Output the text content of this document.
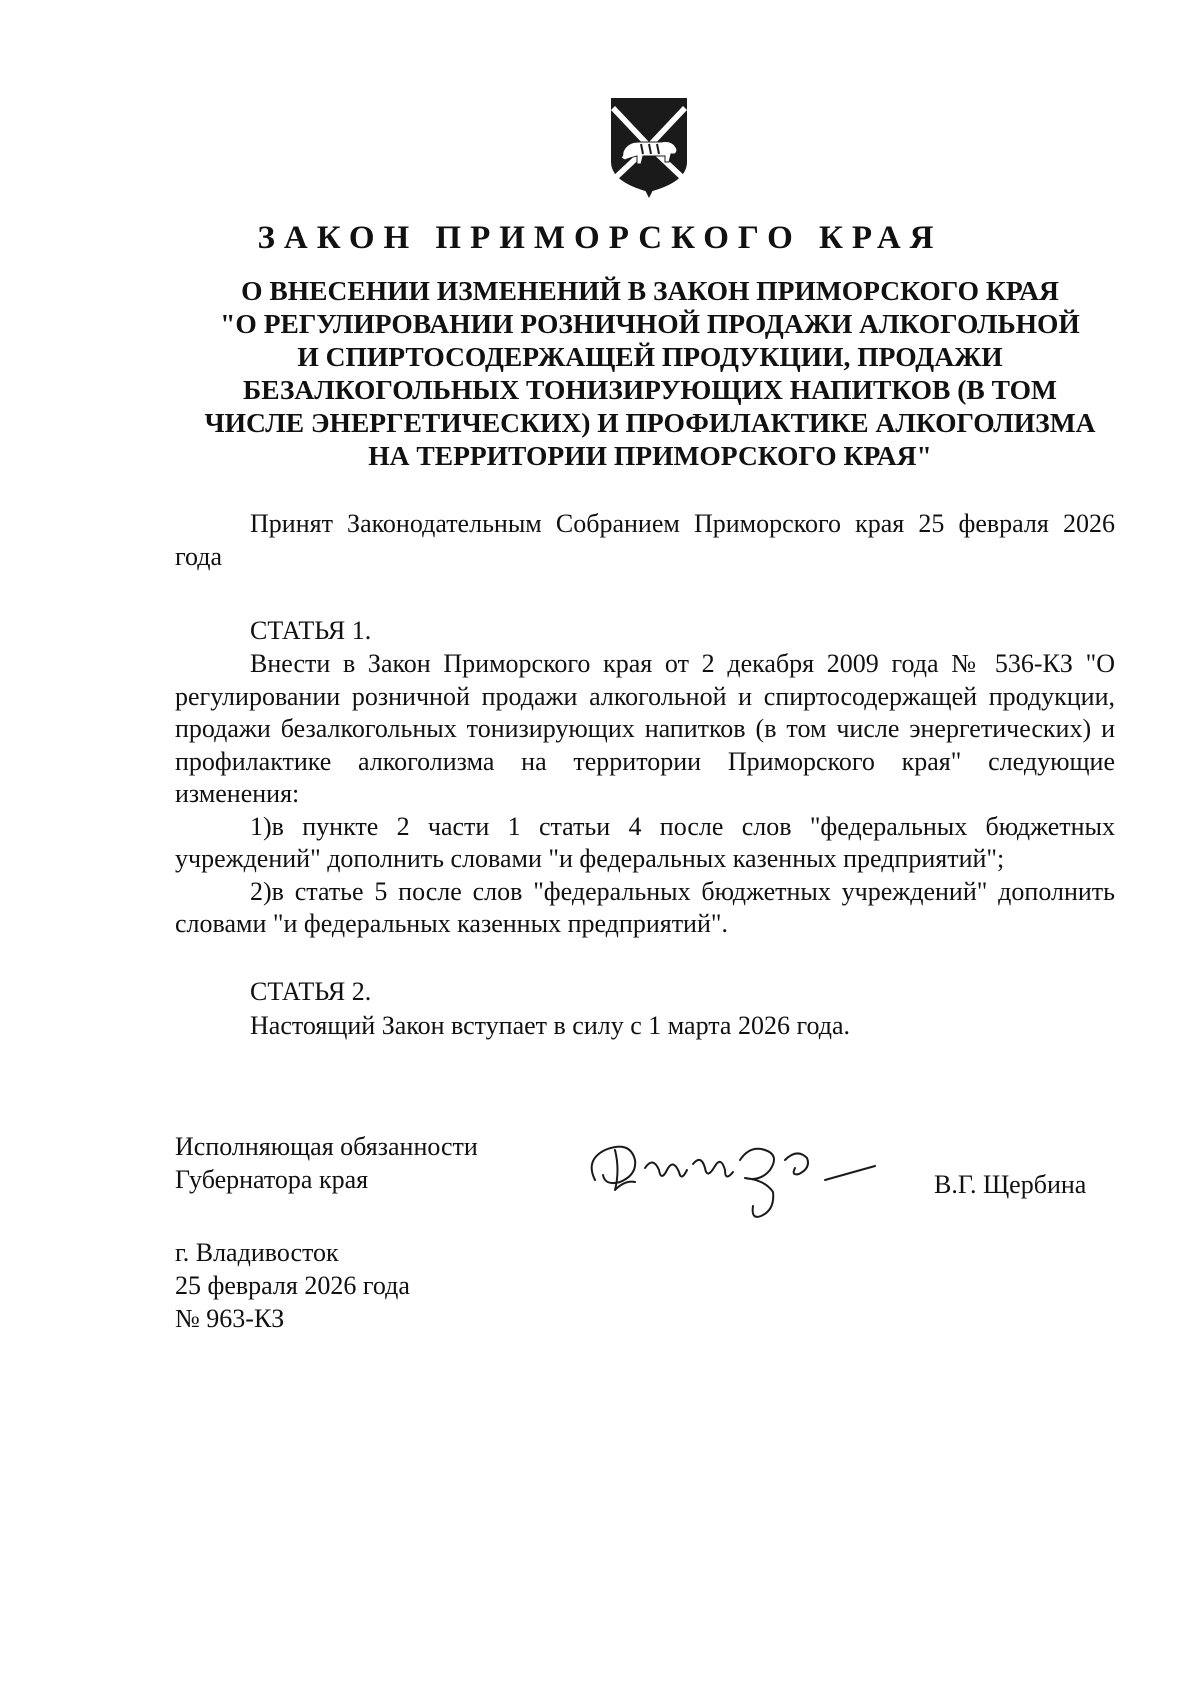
ЗАКОН ПРИМОРСКОГО КРАЯ
О ВНЕСЕНИИ ИЗМЕНЕНИЙ В ЗАКОН ПРИМОРСКОГО КРАЯ
"О РЕГУЛИРОВАНИИ РОЗНИЧНОЙ ПРОДАЖИ АЛКОГОЛЬНОЙ
И СПИРТОСОДЕРЖАЩЕЙ ПРОДУКЦИИ, ПРОДАЖИ
БЕЗАЛКОГОЛЬНЫХ ТОНИЗИРУЮЩИХ НАПИТКОВ (В ТОМ
ЧИСЛЕ ЭНЕРГЕТИЧЕСКИХ) И ПРОФИЛАКТИКЕ АЛКОГОЛИЗМА
НА ТЕРРИТОРИИ ПРИМОРСКОГО КРАЯ"

Принят Законодательным Собранием Приморского края 25 февраля 2026 года

СТАТЬЯ 1.

Внести в Закон Приморского края от 2 декабря 2009 года № 536-КЗ "О регулировании розничной продажи алкогольной и спиртосодержащей продукции, продажи безалкогольных тонизирующих напитков (в том числе энергетических) и профилактике алкоголизма на территории Приморского края" следующие изменения:
1)в пункте 2 части 1 статьи 4 после слов "федеральных бюджетных учреждений" дополнить словами "и федеральных казенных предприятий";
2)в статье 5 после слов "федеральных бюджетных учреждений" дополнить словами "и федеральных казенных предприятий".

СТАТЬЯ 2.

Настоящий Закон вступает в силу с 1 марта 2026 года.

Исполняющая обязанности
Губернатора края	В.Г. Щербина
г. Владивосток
25 февраля 2026 года
№ 963-КЗ
